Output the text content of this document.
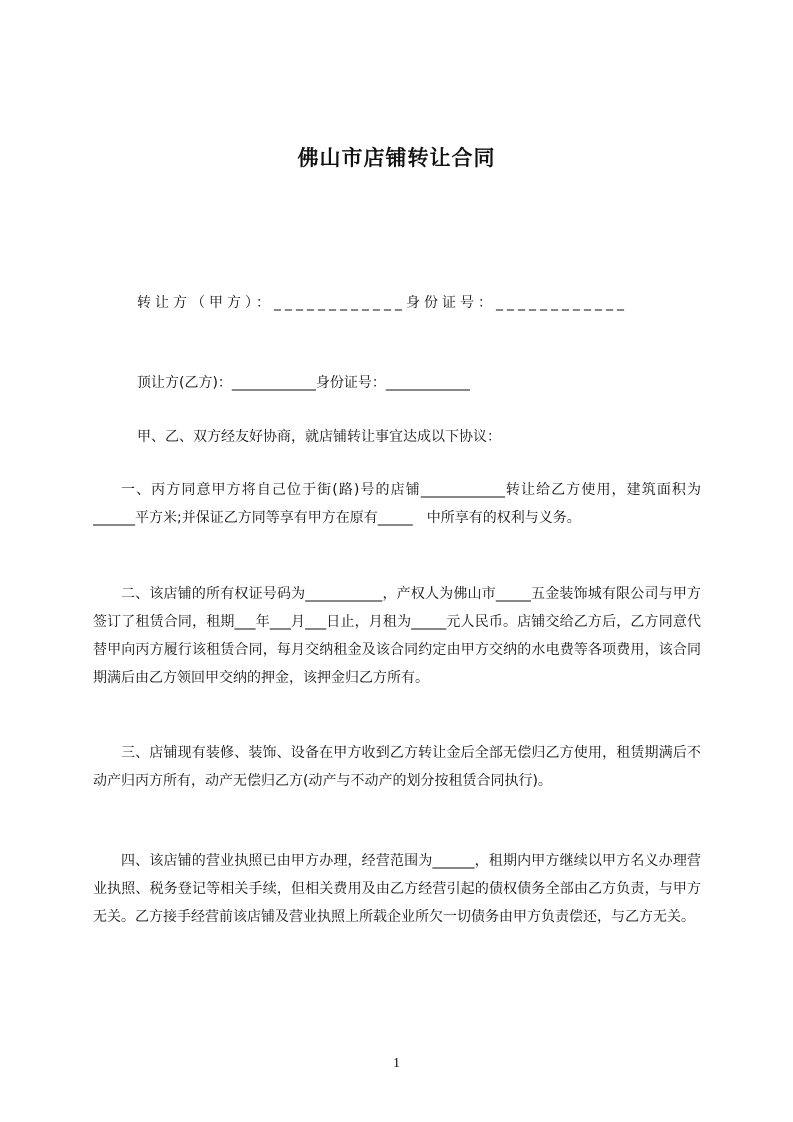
佛山市店铺转让合同
转让方（甲方）：____________身份证号：____________
顶让方(乙方)：____________身份证号：____________
甲、乙、双方经友好协商，就店铺转让事宜达成以下协议：
一、丙方同意甲方将自己位于街(路)号的店铺____________转让给乙方使用，建筑面积为______平方米;并保证乙方同等享有甲方在原有_____　中所享有的权利与义务。
二、该店铺的所有权证号码为___________，产权人为佛山市_____五金装饰城有限公司与甲方签订了租赁合同，租期___年___月___日止，月租为_____元人民币。店铺交给乙方后，乙方同意代替甲向丙方履行该租赁合同，每月交纳租金及该合同约定由甲方交纳的水电费等各项费用，该合同期满后由乙方领回甲交纳的押金，该押金归乙方所有。
三、店铺现有装修、装饰、设备在甲方收到乙方转让金后全部无偿归乙方使用，租赁期满后不动产归丙方所有，动产无偿归乙方(动产与不动产的划分按租赁合同执行)。
四、该店铺的营业执照已由甲方办理，经营范围为______，租期内甲方继续以甲方名义办理营业执照、税务登记等相关手续，但相关费用及由乙方经营引起的债权债务全部由乙方负责，与甲方无关。乙方接手经营前该店铺及营业执照上所载企业所欠一切债务由甲方负责偿还，与乙方无关。
1
